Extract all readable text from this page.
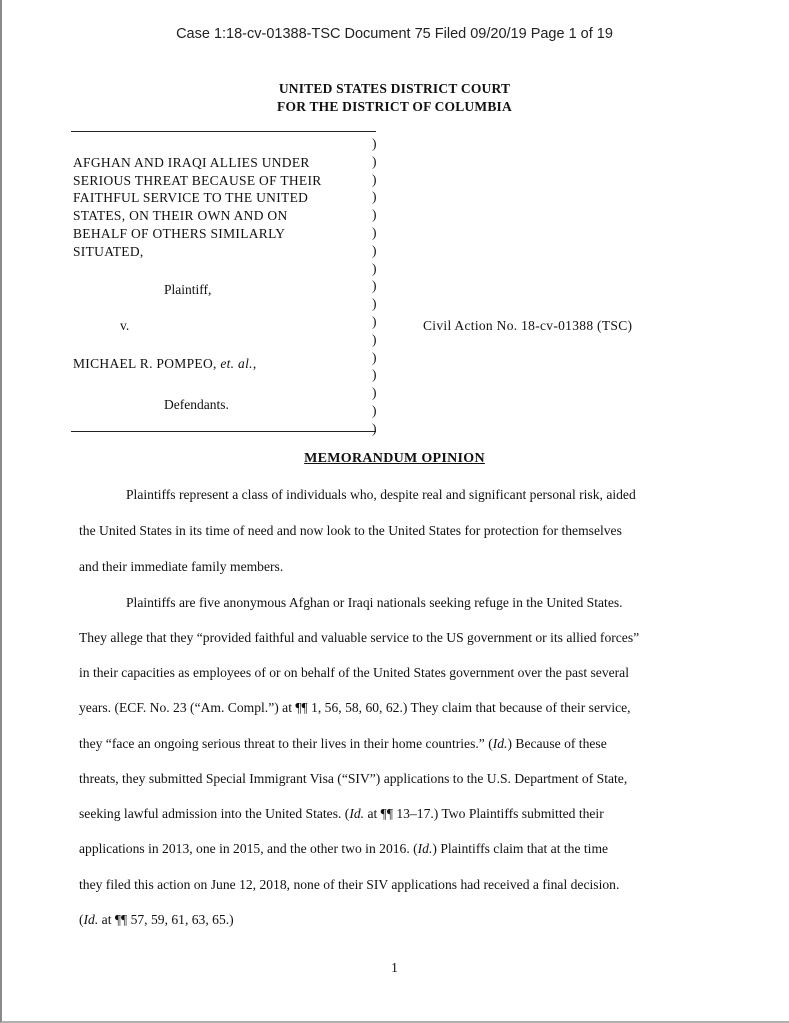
Case 1:18-cv-01388-TSC Document 75 Filed 09/20/19 Page 1 of 19
UNITED STATES DISTRICT COURT
FOR THE DISTRICT OF COLUMBIA
AFGHAN AND IRAQI ALLIES UNDER
SERIOUS THREAT BECAUSE OF THEIR
FAITHFUL SERVICE TO THE UNITED
STATES, ON THEIR OWN AND ON
BEHALF OF OTHERS SIMILARLY
SITUATED,
Plaintiff,
v.
MICHAEL R. POMPEO, et. al.,
Defendants.
)
)
)
)
)
)
)
)
)
)
)
)
)
)
)
)
)
Civil Action No. 18-cv-01388 (TSC)
MEMORANDUM OPINION
Plaintiffs represent a class of individuals who, despite real and significant personal risk, aided
the United States in its time of need and now look to the United States for protection for themselves
and their immediate family members.
Plaintiffs are five anonymous Afghan or Iraqi nationals seeking refuge in the United States.
They allege that they “provided faithful and valuable service to the US government or its allied forces”
in their capacities as employees of or on behalf of the United States government over the past several
years. (ECF. No. 23 (“Am. Compl.”) at ¶¶ 1, 56, 58, 60, 62.) They claim that because of their service,
they “face an ongoing serious threat to their lives in their home countries.” (Id.) Because of these
threats, they submitted Special Immigrant Visa (“SIV”) applications to the U.S. Department of State,
seeking lawful admission into the United States. (Id. at ¶¶ 13–17.) Two Plaintiffs submitted their
applications in 2013, one in 2015, and the other two in 2016. (Id.) Plaintiffs claim that at the time
they filed this action on June 12, 2018, none of their SIV applications had received a final decision.
(Id. at ¶¶ 57, 59, 61, 63, 65.)
1
